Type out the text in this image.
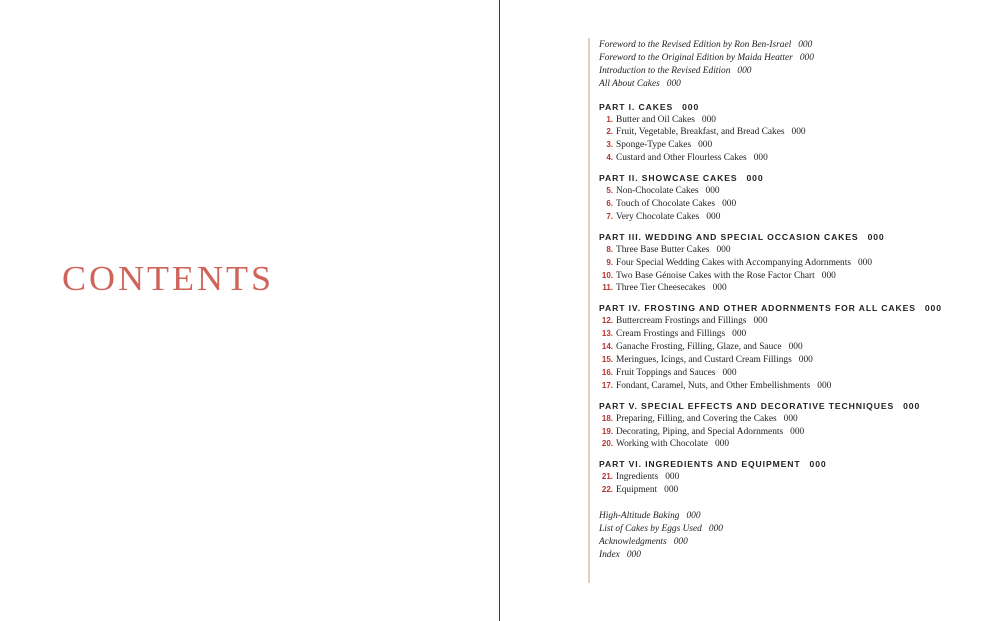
CONTENTS
Foreword to the Revised Edition by Ron Ben-Israel 000
Foreword to the Original Edition by Maida Heatter 000
Introduction to the Revised Edition 000
All About Cakes 000
PART I. CAKES 000
1. Butter and Oil Cakes 000
2. Fruit, Vegetable, Breakfast, and Bread Cakes 000
3. Sponge-Type Cakes 000
4. Custard and Other Flourless Cakes 000
PART II. SHOWCASE CAKES 000
5. Non-Chocolate Cakes 000
6. Touch of Chocolate Cakes 000
7. Very Chocolate Cakes 000
PART III. WEDDING AND SPECIAL OCCASION CAKES 000
8. Three Base Butter Cakes 000
9. Four Special Wedding Cakes with Accompanying Adornments 000
10. Two Base Génoise Cakes with the Rose Factor Chart 000
11. Three Tier Cheesecakes 000
PART IV. FROSTING AND OTHER ADORNMENTS FOR ALL CAKES 000
12. Buttercream Frostings and Fillings 000
13. Cream Frostings and Fillings 000
14. Ganache Frosting, Filling, Glaze, and Sauce 000
15. Meringues, Icings, and Custard Cream Fillings 000
16. Fruit Toppings and Sauces 000
17. Fondant, Caramel, Nuts, and Other Embellishments 000
PART V. SPECIAL EFFECTS AND DECORATIVE TECHNIQUES 000
18. Preparing, Filling, and Covering the Cakes 000
19. Decorating, Piping, and Special Adornments 000
20. Working with Chocolate 000
PART VI. INGREDIENTS AND EQUIPMENT 000
21. Ingredients 000
22. Equipment 000
High-Altitude Baking 000
List of Cakes by Eggs Used 000
Acknowledgments 000
Index 000
